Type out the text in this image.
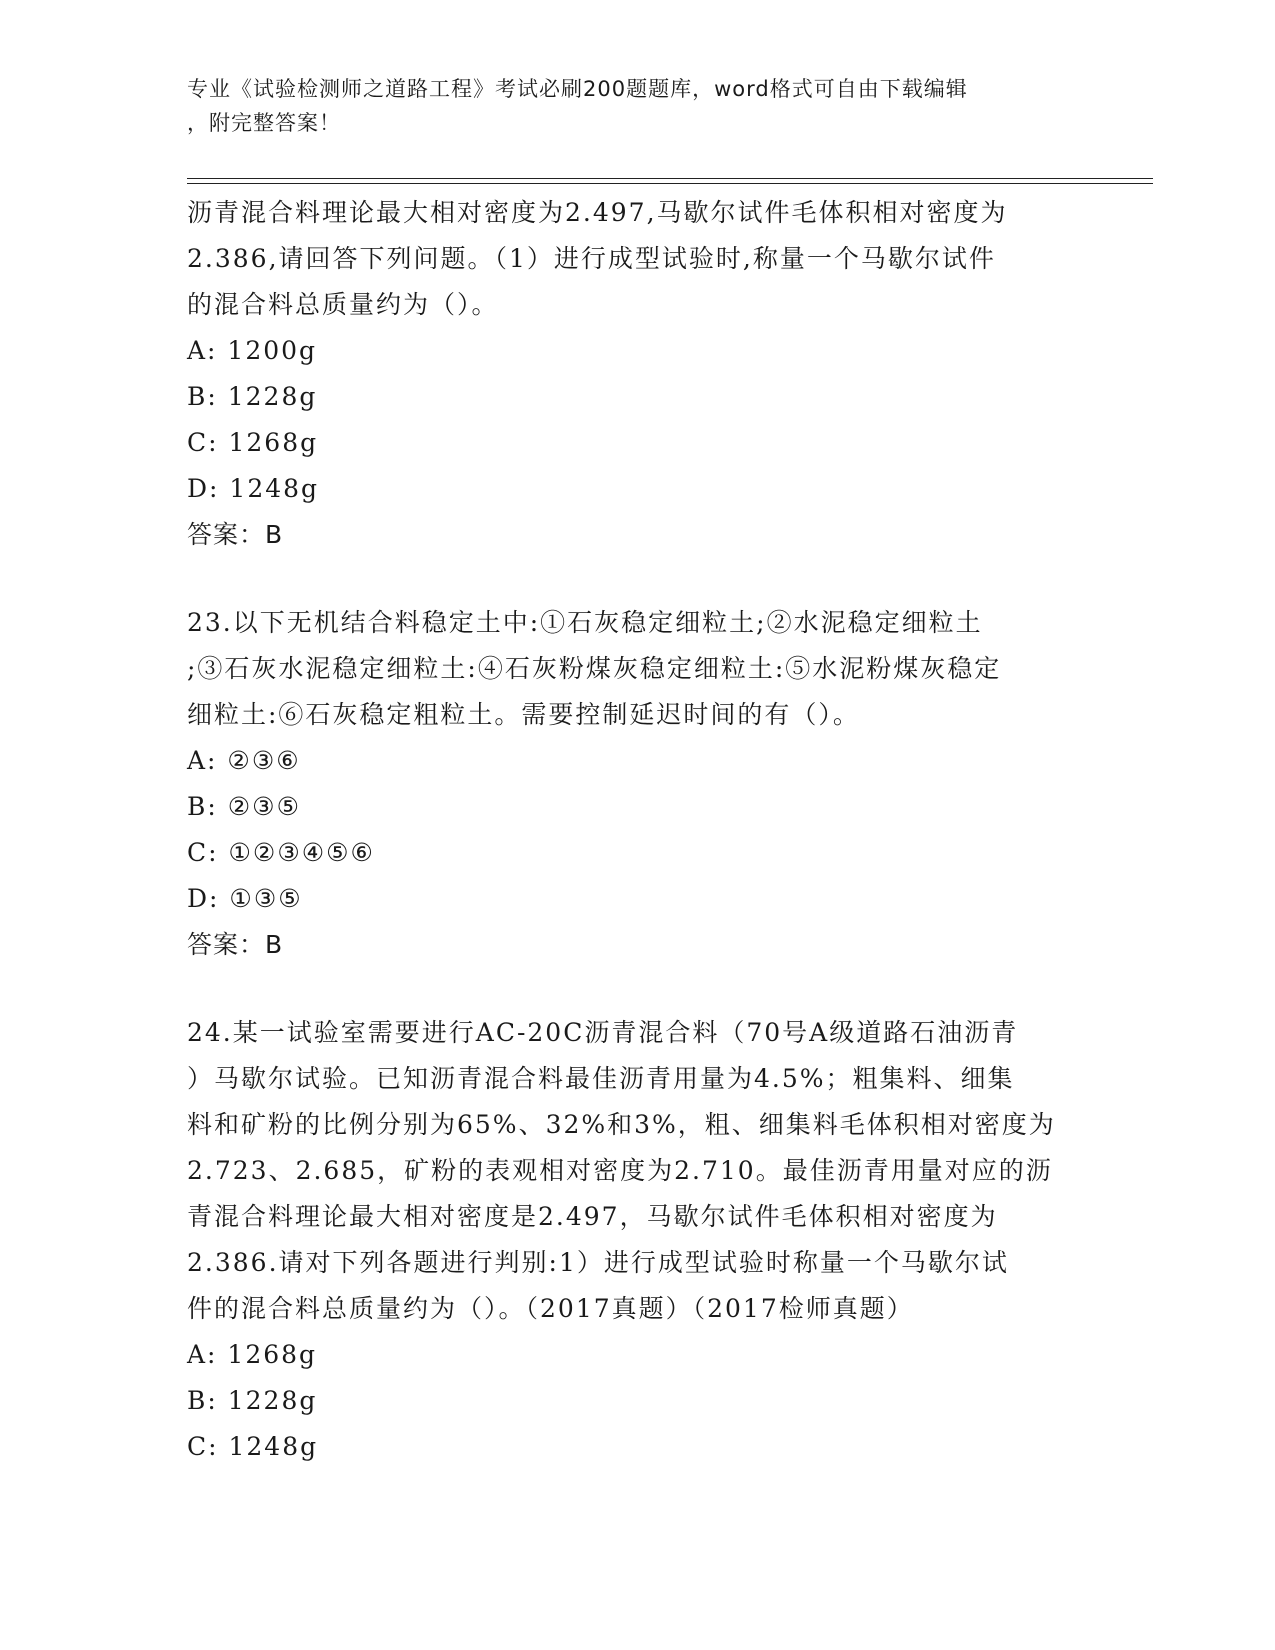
专业《试验检测师之道路工程》考试必刷200题题库，word格式可自由下载编辑
，附完整答案！
沥青混合料理论最大相对密度为2.497,马歇尔试件毛体积相对密度为
2.386,请回答下列问题。（1）进行成型试验时,称量一个马歇尔试件
的混合料总质量约为（）。
A: 1200g
B: 1228g
C: 1268g
D: 1248g
答案：B
23.以下无机结合料稳定土中:①石灰稳定细粒土;②水泥稳定细粒土
;③石灰水泥稳定细粒土:④石灰粉煤灰稳定细粒土:⑤水泥粉煤灰稳定
细粒土:⑥石灰稳定粗粒土。需要控制延迟时间的有（）。
A: ②③⑥
B: ②③⑤
C: ①②③④⑤⑥
D: ①③⑤
答案：B
24.某一试验室需要进行AC-20C沥青混合料（70号A级道路石油沥青
）马歇尔试验。已知沥青混合料最佳沥青用量为4.5%；粗集料、细集
料和矿粉的比例分别为65%、32%和3%，粗、细集料毛体积相对密度为
2.723、2.685，矿粉的表观相对密度为2.710。最佳沥青用量对应的沥
青混合料理论最大相对密度是2.497，马歇尔试件毛体积相对密度为
2.386.请对下列各题进行判别:1）进行成型试验时称量一个马歇尔试
件的混合料总质量约为（）。（2017真题）（2017检师真题）
A: 1268g
B: 1228g
C: 1248g
